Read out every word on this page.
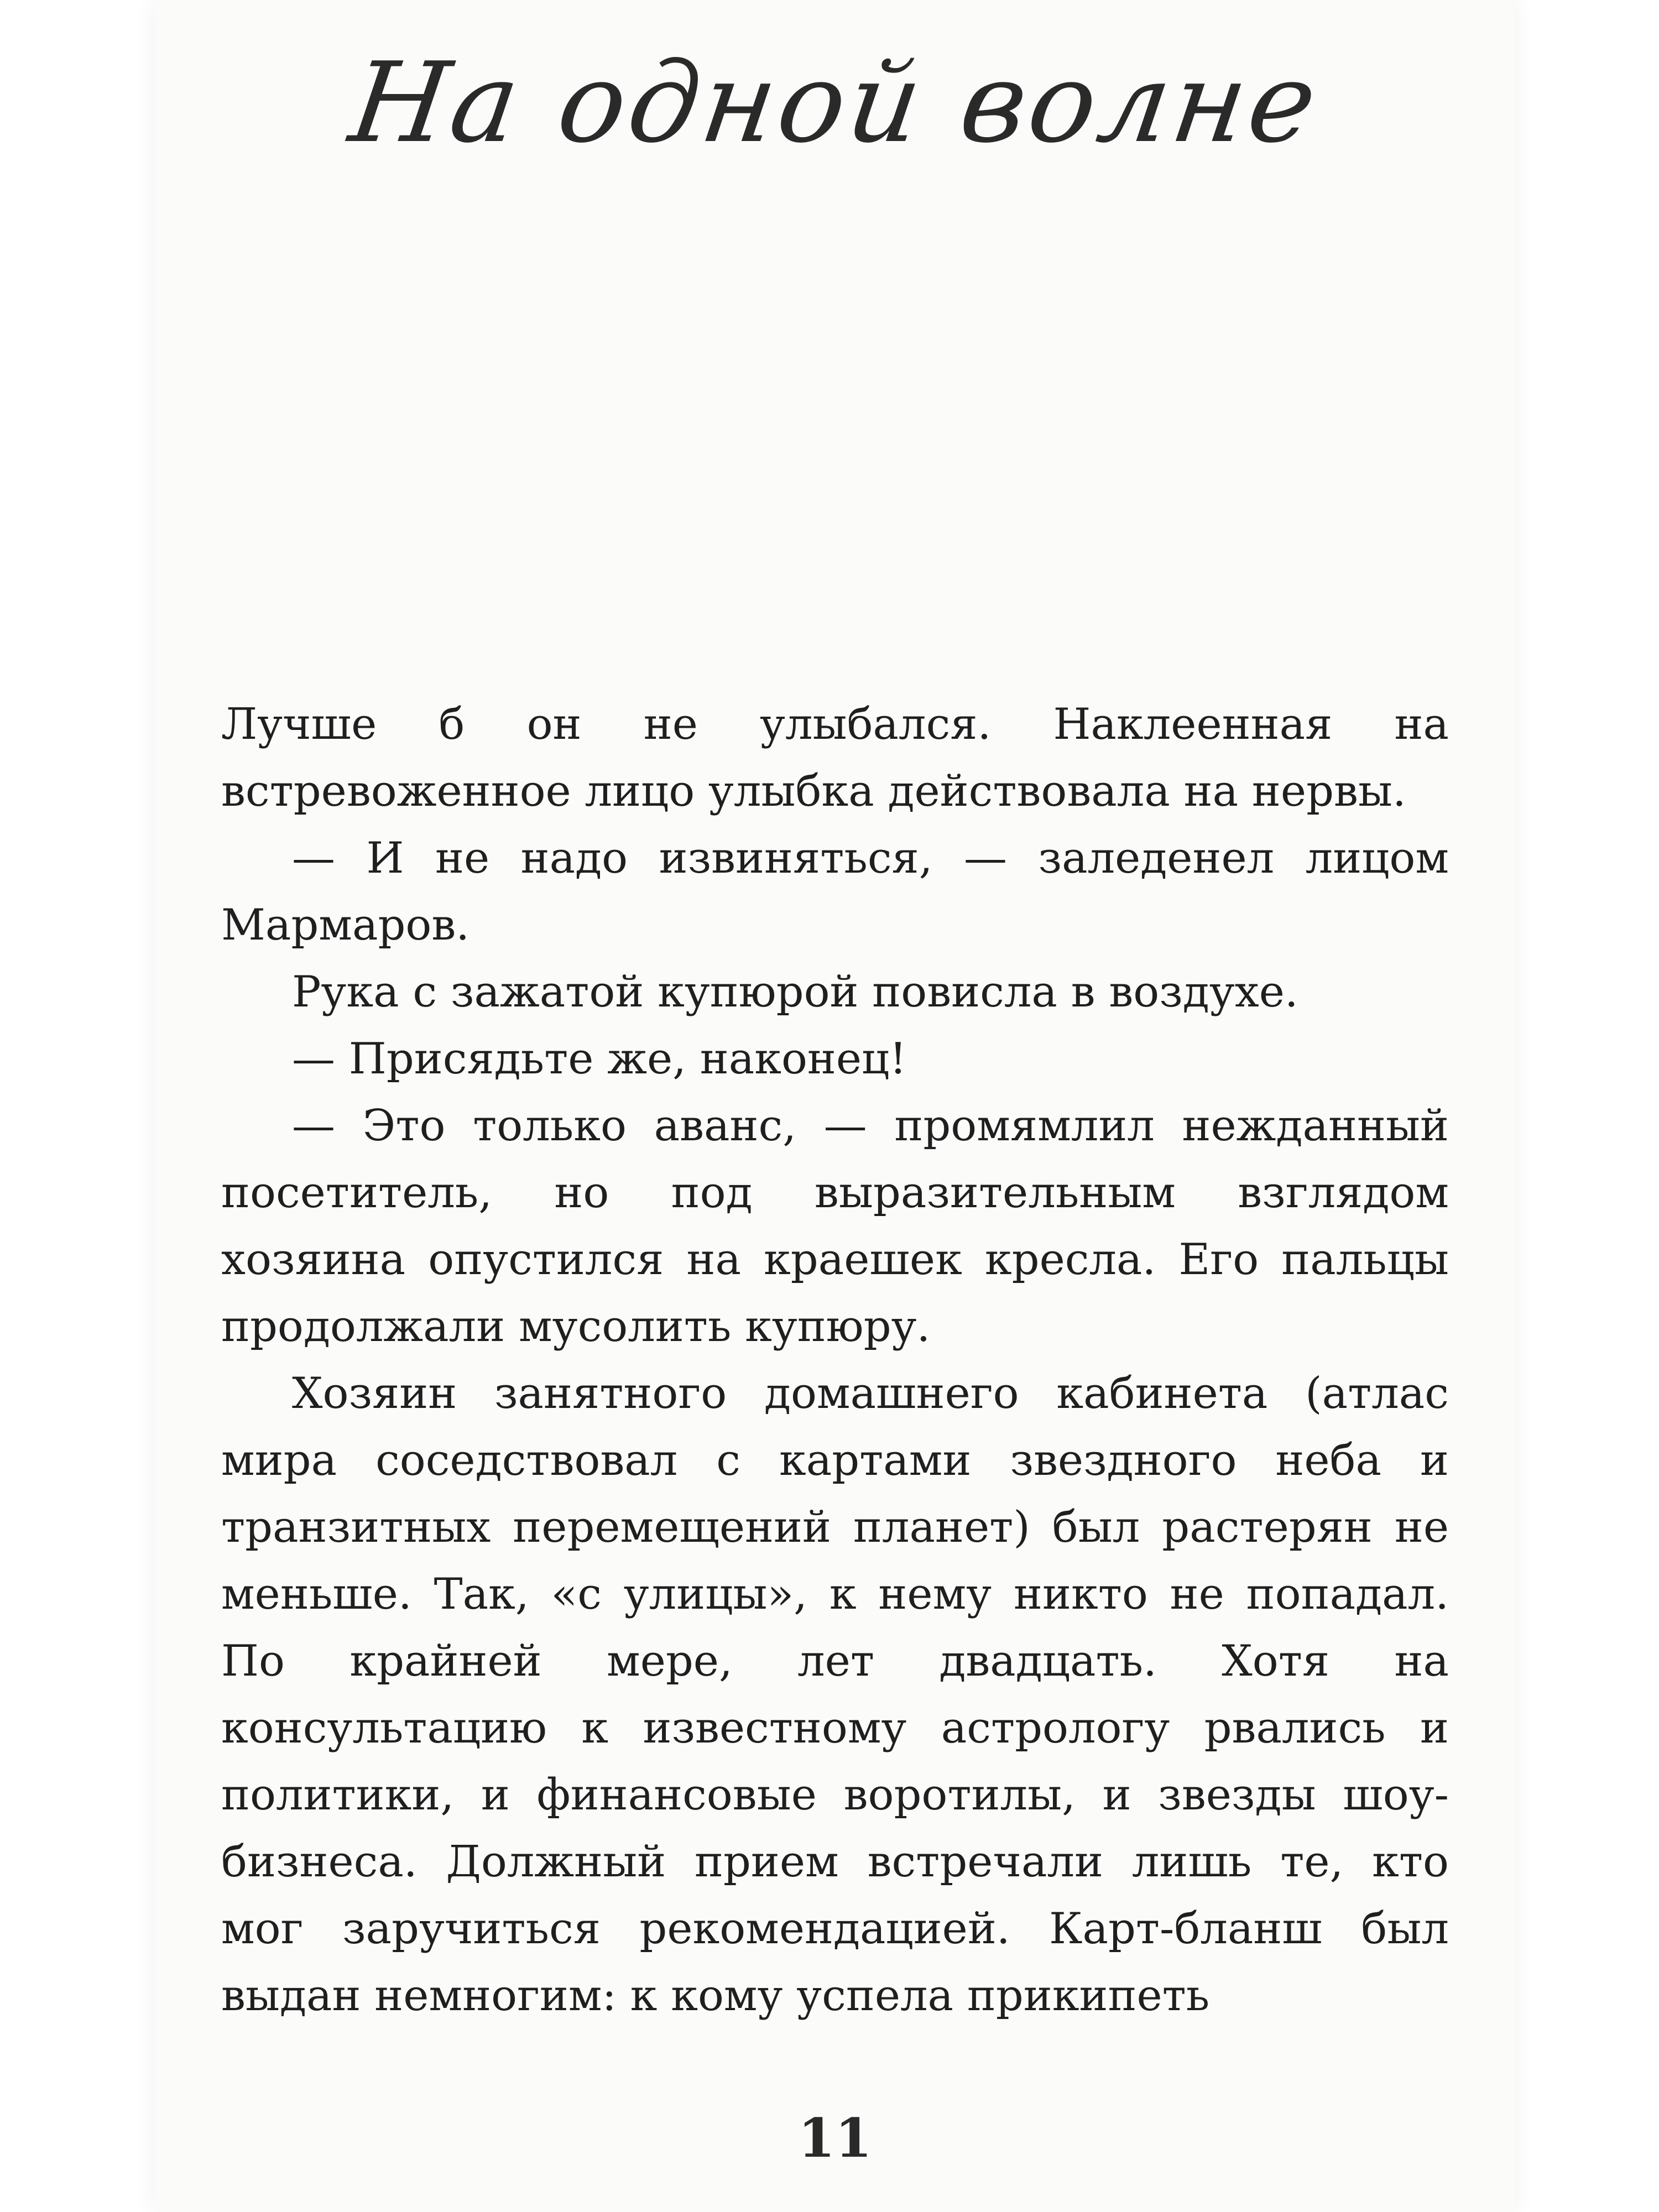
На одной волне

Лучше б он не улыбался. Наклеенная на встревоженное лицо улыбка действовала на нервы.

— И не надо извиняться, — заледенел лицом Мармаров.

Рука с зажатой купюрой повисла в воздухе.

— Присядьте же, наконец!

— Это только аванс, — промямлил нежданный посетитель, но под выразительным взглядом хозяина опустился на краешек кресла. Его пальцы продолжали мусолить купюру.

Хозяин занятного домашнего кабинета (атлас мира соседствовал с картами звездного неба и транзитных перемещений планет) был растерян не меньше. Так, «с улицы», к нему никто не попадал. По крайней мере, лет двадцать. Хотя на консультацию к известному астрологу рвались и политики, и финансовые воротилы, и звезды шоу-бизнеса. Должный прием встречали лишь те, кто мог заручиться рекомендацией. Карт-бланш был выдан немногим: к кому успела прикипеть

11
